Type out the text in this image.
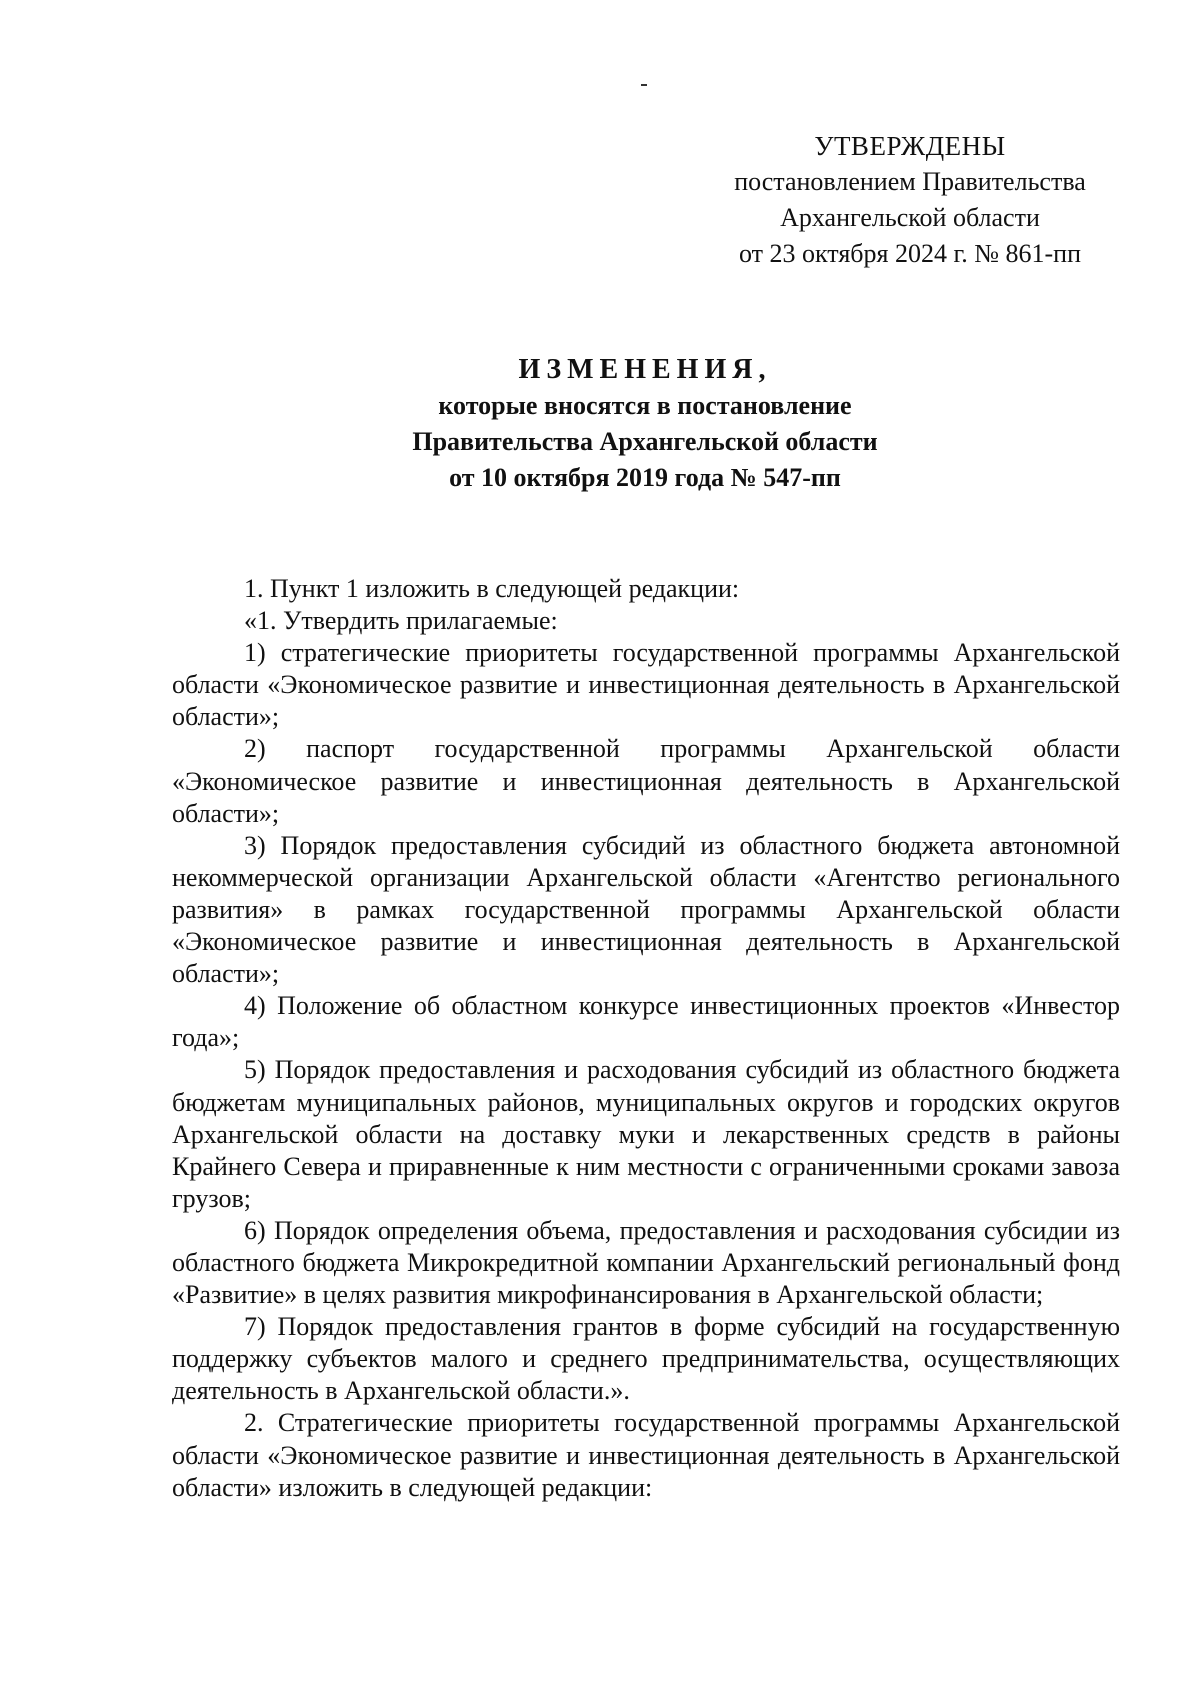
УТВЕРЖДЕНЫ
постановлением Правительства
Архангельской области
от 23 октября 2024 г. № 861-пп
ИЗМЕНЕНИЯ,
которые вносятся в постановление
Правительства Архангельской области
от 10 октября 2019 года № 547-пп

1. Пункт 1 изложить в следующей редакции:

«1. Утвердить прилагаемые:

1) стратегические приоритеты государственной программы Архангельской области «Экономическое развитие и инвестиционная деятельность в Архангельской области»;

2) паспорт государственной программы Архангельской области «Экономическое развитие и инвестиционная деятельность в Архангельской области»;

3) Порядок предоставления субсидий из областного бюджета автономной некоммерческой организации Архангельской области «Агентство регионального развития» в рамках государственной программы Архангельской области «Экономическое развитие и инвестиционная деятельность в Архангельской области»;

4) Положение об областном конкурсе инвестиционных проектов «Инвестор года»;

5) Порядок предоставления и расходования субсидий из областного бюджета бюджетам муниципальных районов, муниципальных округов и городских округов Архангельской области на доставку муки и лекарственных средств в районы Крайнего Севера и приравненные к ним местности с ограниченными сроками завоза грузов;

6) Порядок определения объема, предоставления и расходования субсидии из областного бюджета Микрокредитной компании Архангельский региональный фонд «Развитие» в целях развития микрофинансирования в Архангельской области;

7) Порядок предоставления грантов в форме субсидий на государственную поддержку субъектов малого и среднего предпринимательства, осуществляющих деятельность в Архангельской области.».

2. Стратегические приоритеты государственной программы Архангельской области «Экономическое развитие и инвестиционная деятельность в Архангельской области» изложить в следующей редакции:
